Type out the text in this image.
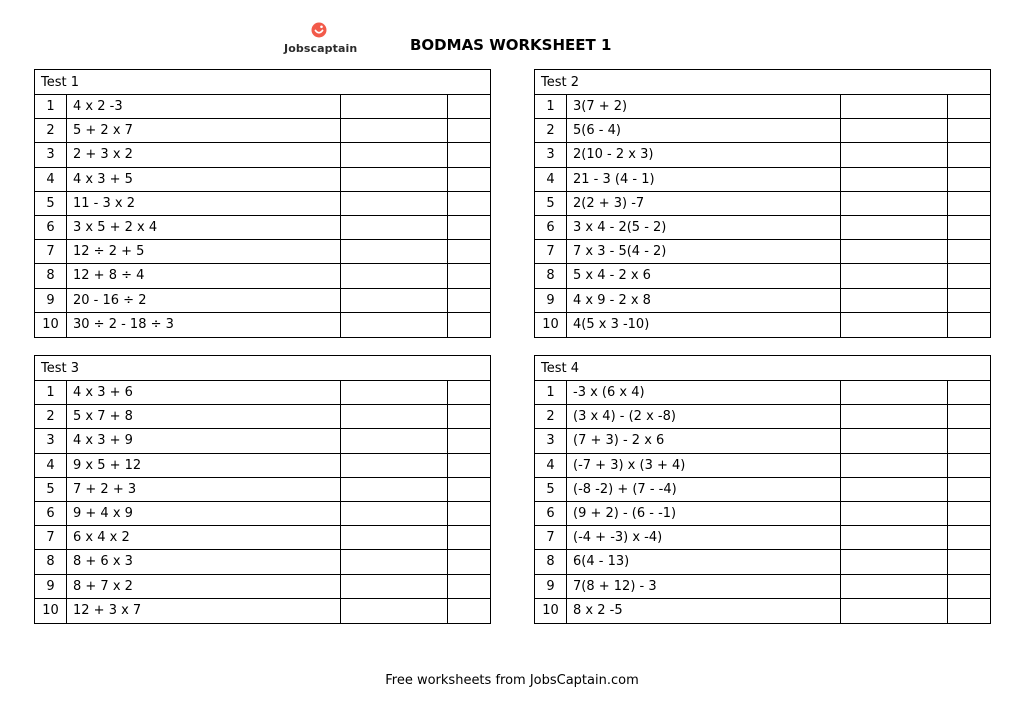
Jobscaptain	BODMAS WORKSHEET 1
Test 1
1	4 x 2 -3
2	5 + 2 x 7
3	2 + 3 x 2
4	4 x 3 + 5
5	11 - 3 x 2
6	3 x 5 + 2 x 4
7	12 ÷ 2 + 5
8	12 + 8 ÷ 4
9	20 - 16 ÷ 2
10	30 ÷ 2 - 18 ÷ 3
Test 2
1	3(7 + 2)
2	5(6 - 4)
3	2(10 - 2 x 3)
4	21 - 3 (4 - 1)
5	2(2 + 3) -7
6	3 x 4 - 2(5 - 2)
7	7 x 3 - 5(4 - 2)
8	5 x 4 - 2 x 6
9	4 x 9 - 2 x 8
10	4(5 x 3 -10)
Test 3
1	4 x 3 + 6
2	5 x 7 + 8
3	4 x 3 + 9
4	9 x 5 + 12
5	7 + 2 + 3
6	9 + 4 x 9
7	6 x 4 x 2
8	8 + 6 x 3
9	8 + 7 x 2
10	12 + 3 x 7
Test 4
1	-3 x (6 x 4)
2	(3 x 4) - (2 x -8)
3	(7 + 3) - 2 x 6
4	(-7 + 3) x (3 + 4)
5	(-8 -2) + (7 - -4)
6	(9 + 2) - (6 - -1)
7	(-4 + -3) x -4)
8	6(4 - 13)
9	7(8 + 12) - 3
10	8 x 2 -5
Free worksheets from JobsCaptain.com
